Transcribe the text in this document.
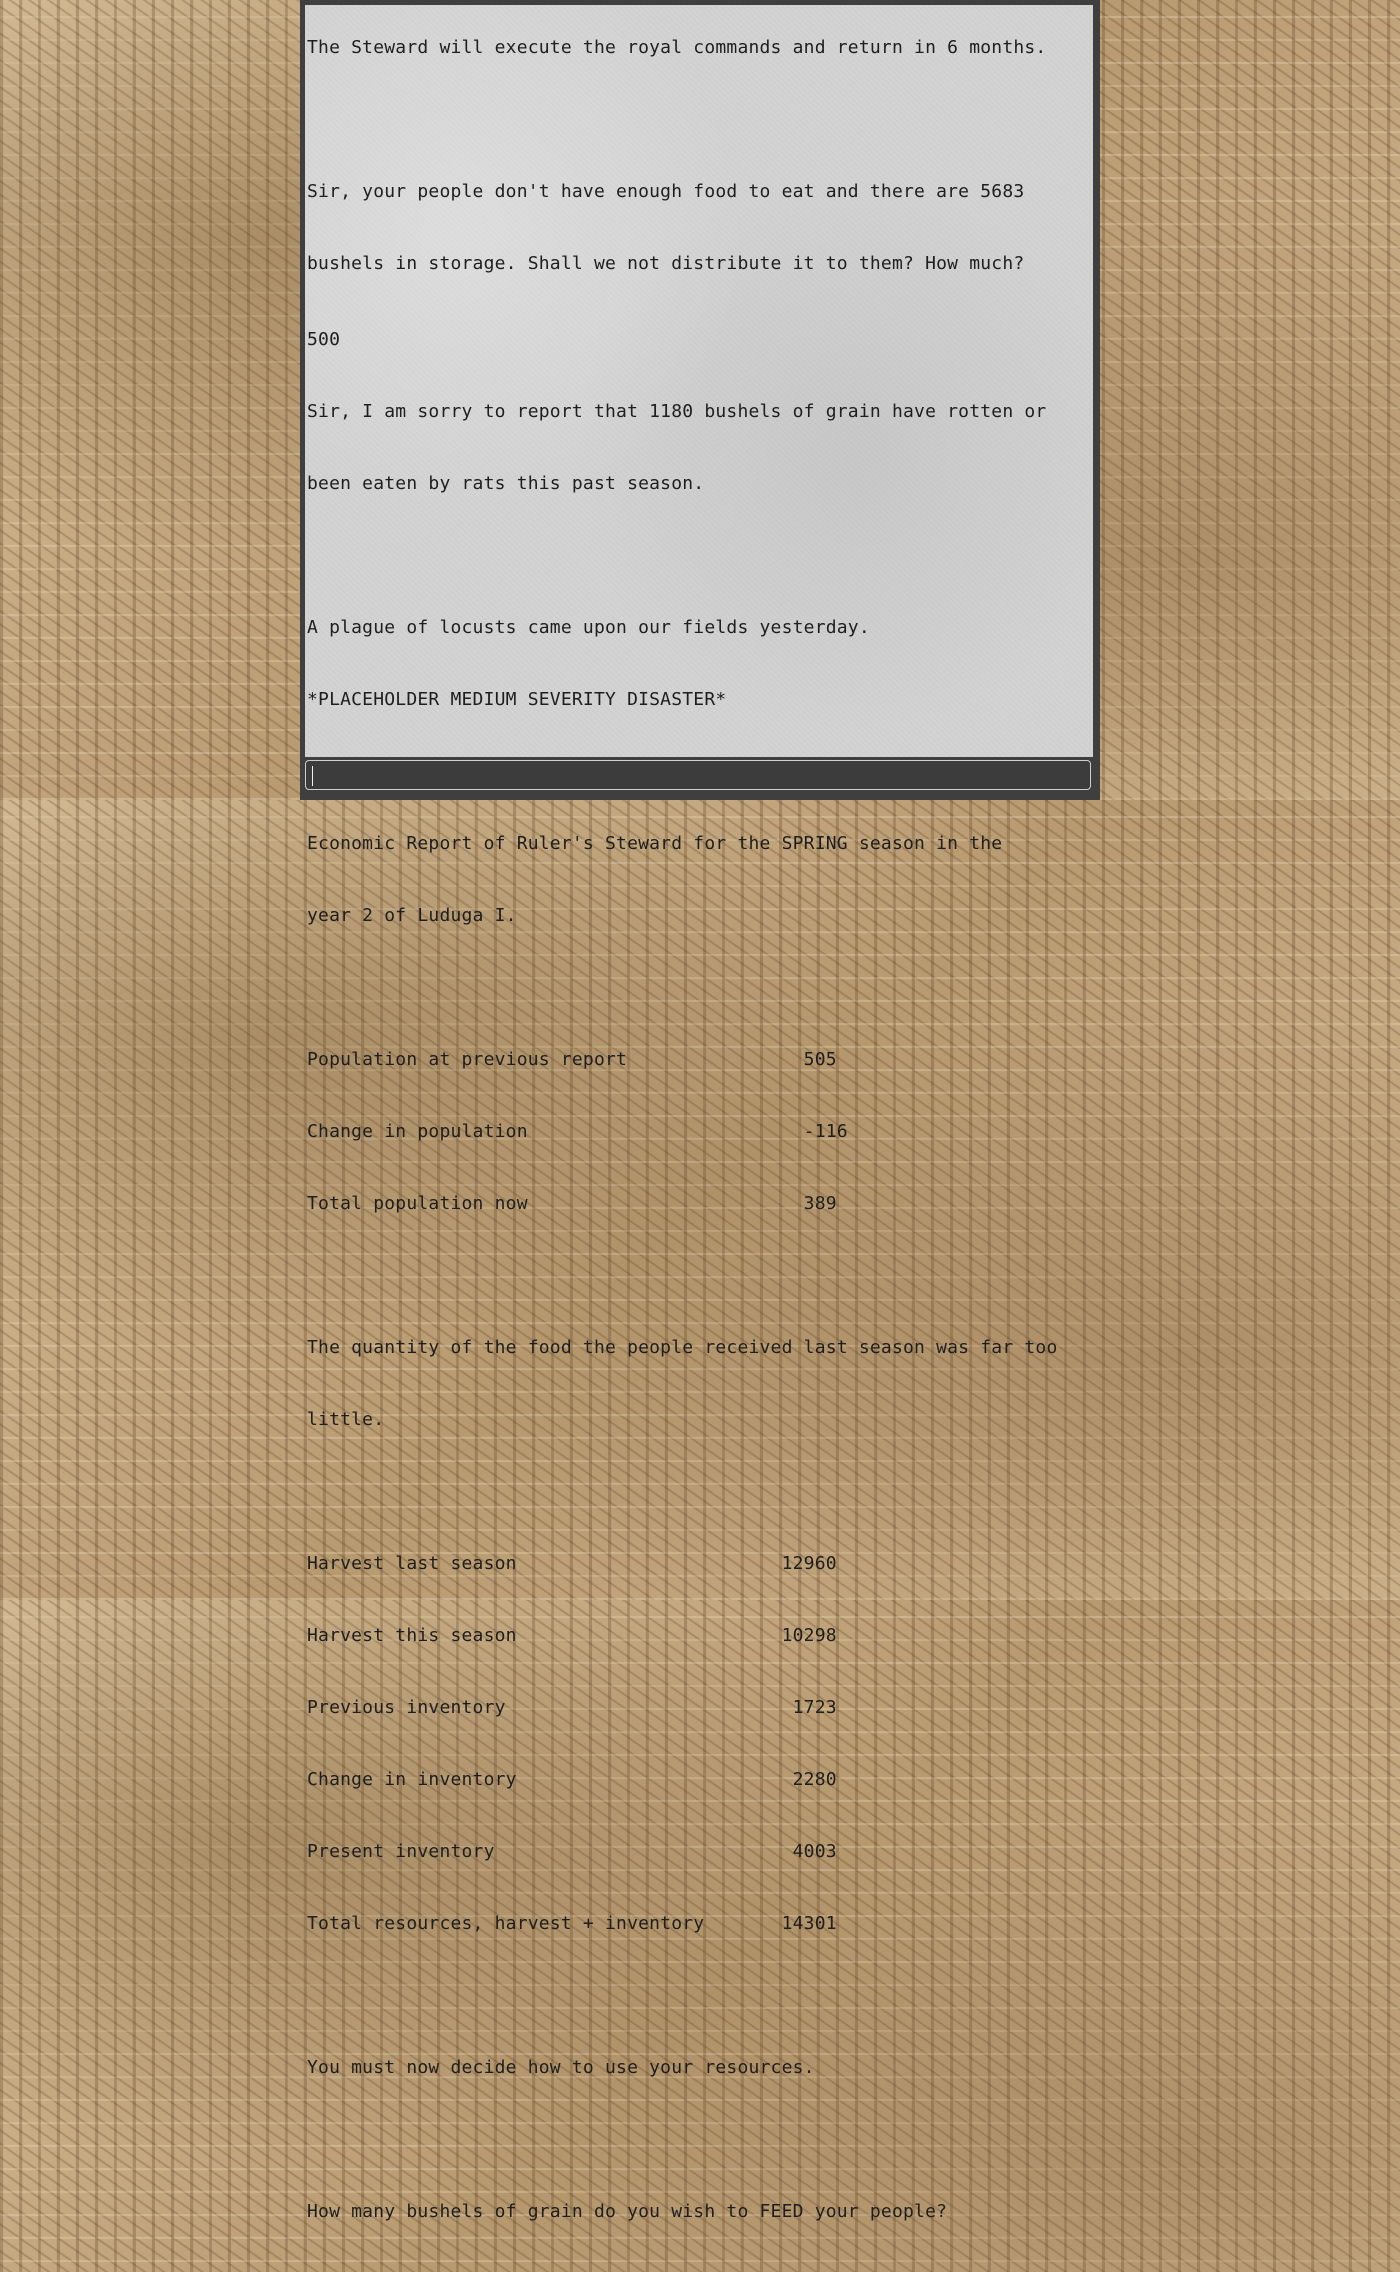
The Steward will execute the royal commands and return in 6 months.

Sir, your people don't have enough food to eat and there are 5683

bushels in storage. Shall we not distribute it to them? How much?

500

Sir, I am sorry to report that 1180 bushels of grain have rotten or

been eaten by rats this past season.

A plague of locusts came upon our fields yesterday.

*PLACEHOLDER MEDIUM SEVERITY DISASTER*

Economic Report of Ruler's Steward for the SPRING season in the

year 2 of Luduga I.

Population at previous report                505

Change in population                         -116

Total population now                         389

The quantity of the food the people received last season was far too

little.

Harvest last season                        12960

Harvest this season                        10298

Previous inventory                          1723

Change in inventory                         2280

Present inventory                           4003

Total resources, harvest + inventory       14301

You must now decide how to use your resources.

How many bushels of grain do you wish to FEED your people?
